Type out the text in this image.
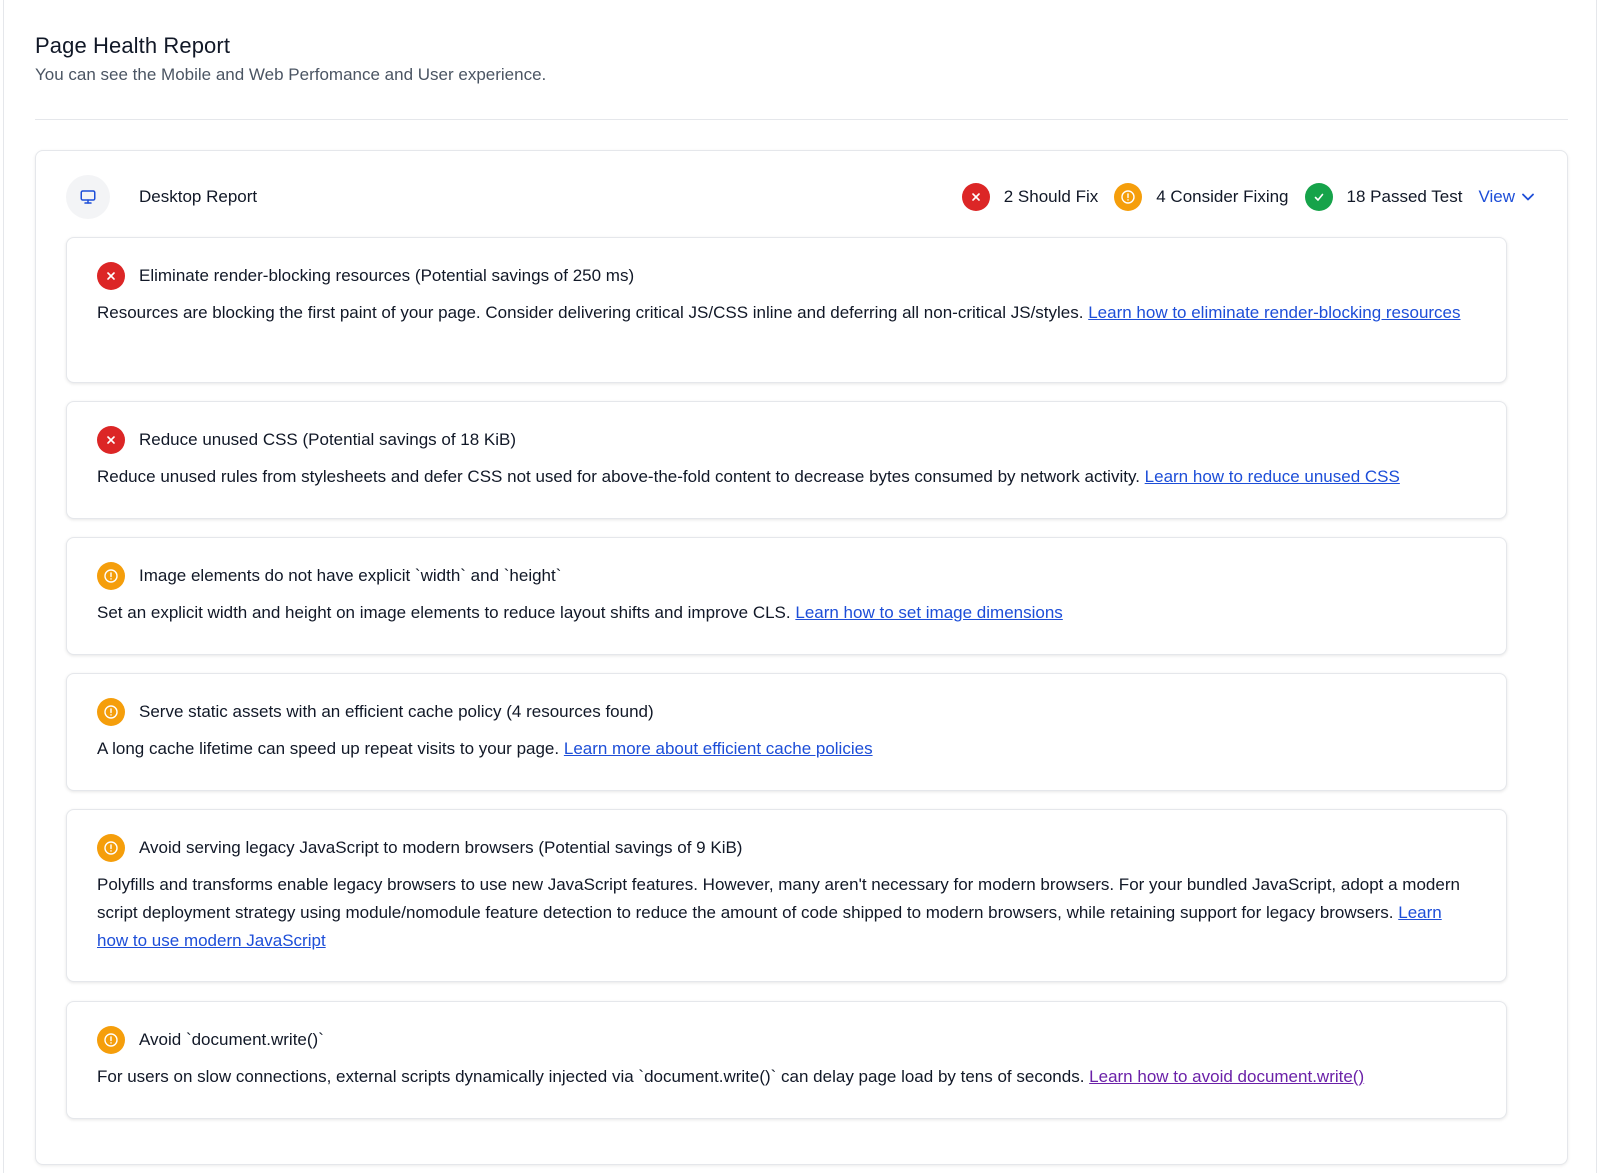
Page Health Report
You can see the Mobile and Web Perfomance and User experience.
Desktop Report	2 Should Fix	4 Consider Fixing	18 Passed Test View
Eliminate render-blocking resources (Potential savings of 250 ms)
Resources are blocking the first paint of your page. Consider delivering critical JS/CSS inline and deferring all non-critical JS/styles. Learn how to eliminate render-blocking resources
Reduce unused CSS (Potential savings of 18 KiB)
Reduce unused rules from stylesheets and defer CSS not used for above-the-fold content to decrease bytes consumed by network activity. Learn how to reduce unused CSS
Image elements do not have explicit `width` and `height`
Set an explicit width and height on image elements to reduce layout shifts and improve CLS. Learn how to set image dimensions
Serve static assets with an efficient cache policy (4 resources found)
A long cache lifetime can speed up repeat visits to your page. Learn more about efficient cache policies
Avoid serving legacy JavaScript to modern browsers (Potential savings of 9 KiB)
Polyfills and transforms enable legacy browsers to use new JavaScript features. However, many aren't necessary for modern browsers. For your bundled JavaScript, adopt a modern script deployment strategy using module/nomodule feature detection to reduce the amount of code shipped to modern browsers, while retaining support for legacy browsers. Learn how to use modern JavaScript
Avoid `document.write()`
For users on slow connections, external scripts dynamically injected via `document.write()` can delay page load by tens of seconds. Learn how to avoid document.write()
